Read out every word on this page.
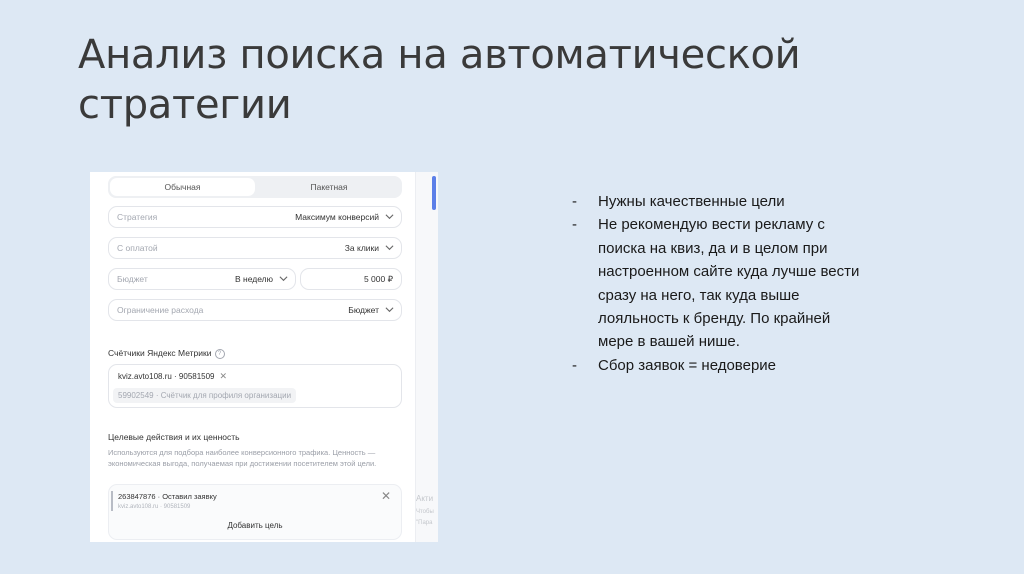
Анализ поиска на автоматической стратегии
Обычная	Пакетная
Стратегия	Максимум конверсий
С оплатой	За клики
Бюджет	В неделю	5 000 ₽
Ограничение расхода	Бюджет
Счётчики Яндекс Метрики ?
kviz.avto108.ru · 90581509 ✕
59902549 · Счётчик для профиля организации
Целевые действия и их ценность
Используются для подбора наиболее конверсионного трафика. Ценность — экономическая выгода, получаемая при достижении посетителем этой цели.
263847876 · Оставил заявку
kviz.avto108.ru · 90581509
✕
Добавить цель
Акти
Чтобы
"Пара
- Нужны качественные цели
- Не рекомендую вести рекламу с поиска на квиз, да и в целом при настроенном сайте куда лучше вести сразу на него, так куда выше лояльность к бренду. По крайней мере в вашей нише.
- Сбор заявок = недоверие
